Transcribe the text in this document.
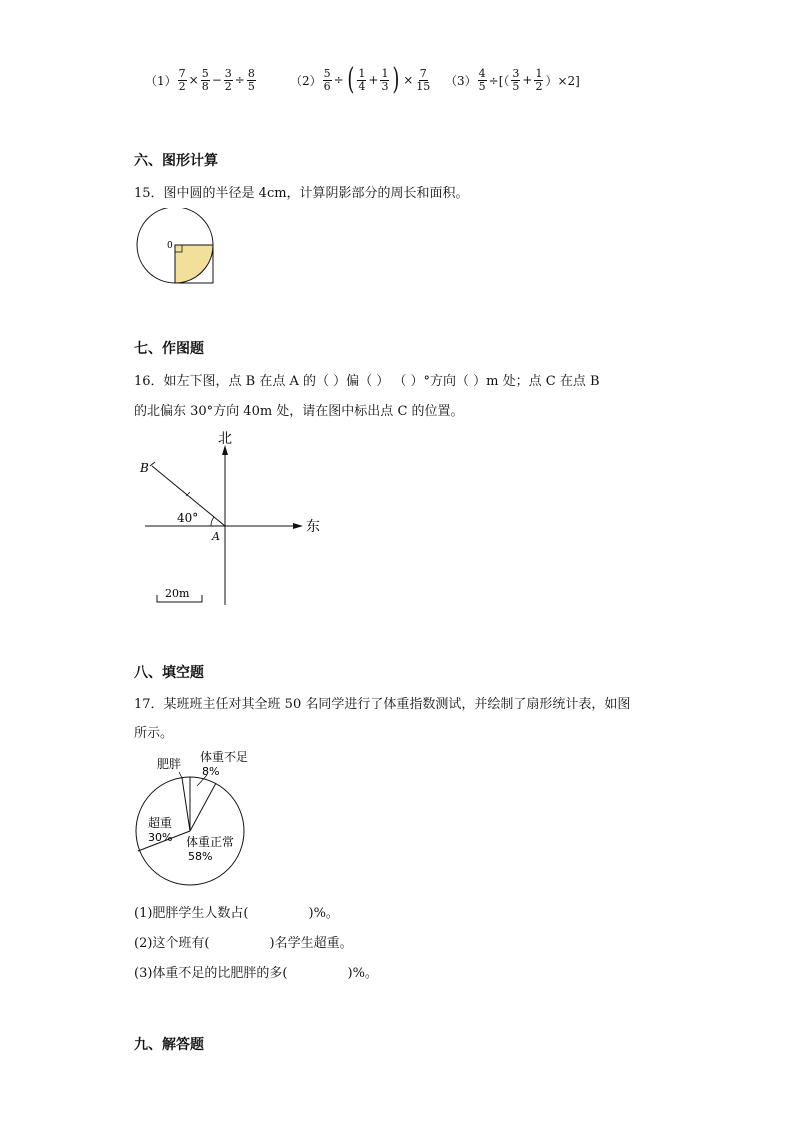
$(1) \frac{7}{2} \times \frac{5}{8} - \frac{3}{2} \div \frac{8}{5}$	$(2) \frac{5}{6}$ ÷ ( $\frac{1}{4} + \frac{1}{3}$ ) × $\frac{7}{15} (3) \frac{4}{5}$ ÷[（ $\frac{3}{5} + \frac{1}{2} )\times 2$]
六、图形计算
15．图中圆的半径是 4cm，计算阴影部分的周长和面积。
0
七、作图题
16．如左下图，点 B 在点 A 的（ ）偏（ ） （ ）°方向（ ）m 处；点 C 在点 B
的北偏东 30°方向 40m 处，请在图中标出点 C 的位置。
北
东
B
A
40°
20m
八、填空题
17．某班班主任对其全班 50 名同学进行了体重指数测试，并绘制了扇形统计表，如图
所示。
肥胖 体重不足
8%
体重正常
58%
超重
30%
(1)肥胖学生人数占(	)%。
(2)这个班有(	)名学生超重。
(3)体重不足的比肥胖的多(	)%。
九、解答题
